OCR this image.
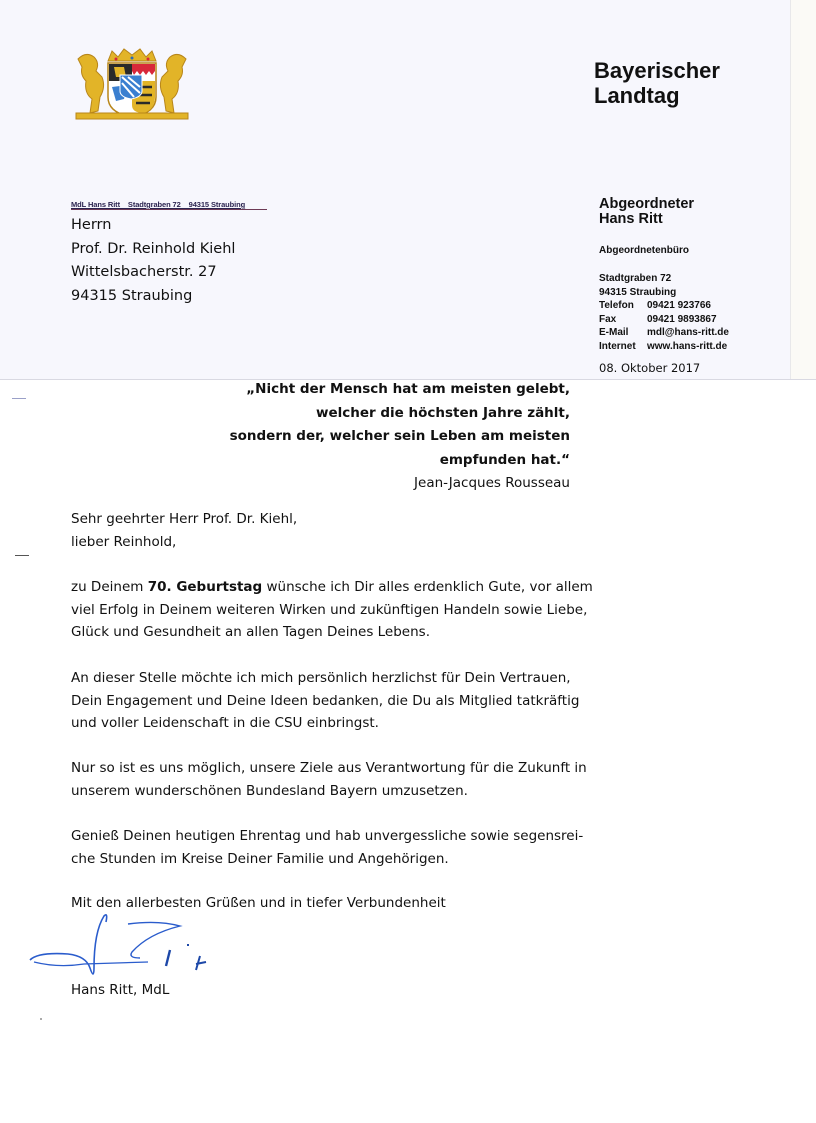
Bayerischer
Landtag
MdL Hans Ritt    Stadtgraben 72    94315 Straubing
Herrn
Prof. Dr. Reinhold Kiehl
Wittelsbacherstr. 27
94315 Straubing
Abgeordneter
Hans Ritt
Abgeordnetenbüro
Stadtgraben 72
94315 Straubing
Telefon	09421 923766
Fax	09421 9893867
E-Mail	mdl@hans-ritt.de
Internet	www.hans-ritt.de
08. Oktober 2017
„Nicht der Mensch hat am meisten gelebt,
welcher die höchsten Jahre zählt,
sondern der, welcher sein Leben am meisten
empfunden hat.“
Jean-Jacques Rousseau
Sehr geehrter Herr Prof. Dr. Kiehl,
lieber Reinhold,
zu Deinem 70. Geburtstag wünsche ich Dir alles erdenklich Gute, vor allem
viel Erfolg in Deinem weiteren Wirken und zukünftigen Handeln sowie Liebe,
Glück und Gesundheit an allen Tagen Deines Lebens.
An dieser Stelle möchte ich mich persönlich herzlichst für Dein Vertrauen,
Dein Engagement und Deine Ideen bedanken, die Du als Mitglied tatkräftig
und voller Leidenschaft in die CSU einbringst.
Nur so ist es uns möglich, unsere Ziele aus Verantwortung für die Zukunft in
unserem wunderschönen Bundesland Bayern umzusetzen.
Genieß Deinen heutigen Ehrentag und hab unvergessliche sowie segensrei-
che Stunden im Kreise Deiner Familie und Angehörigen.
Mit den allerbesten Grüßen und in tiefer Verbundenheit
Hans Ritt, MdL
